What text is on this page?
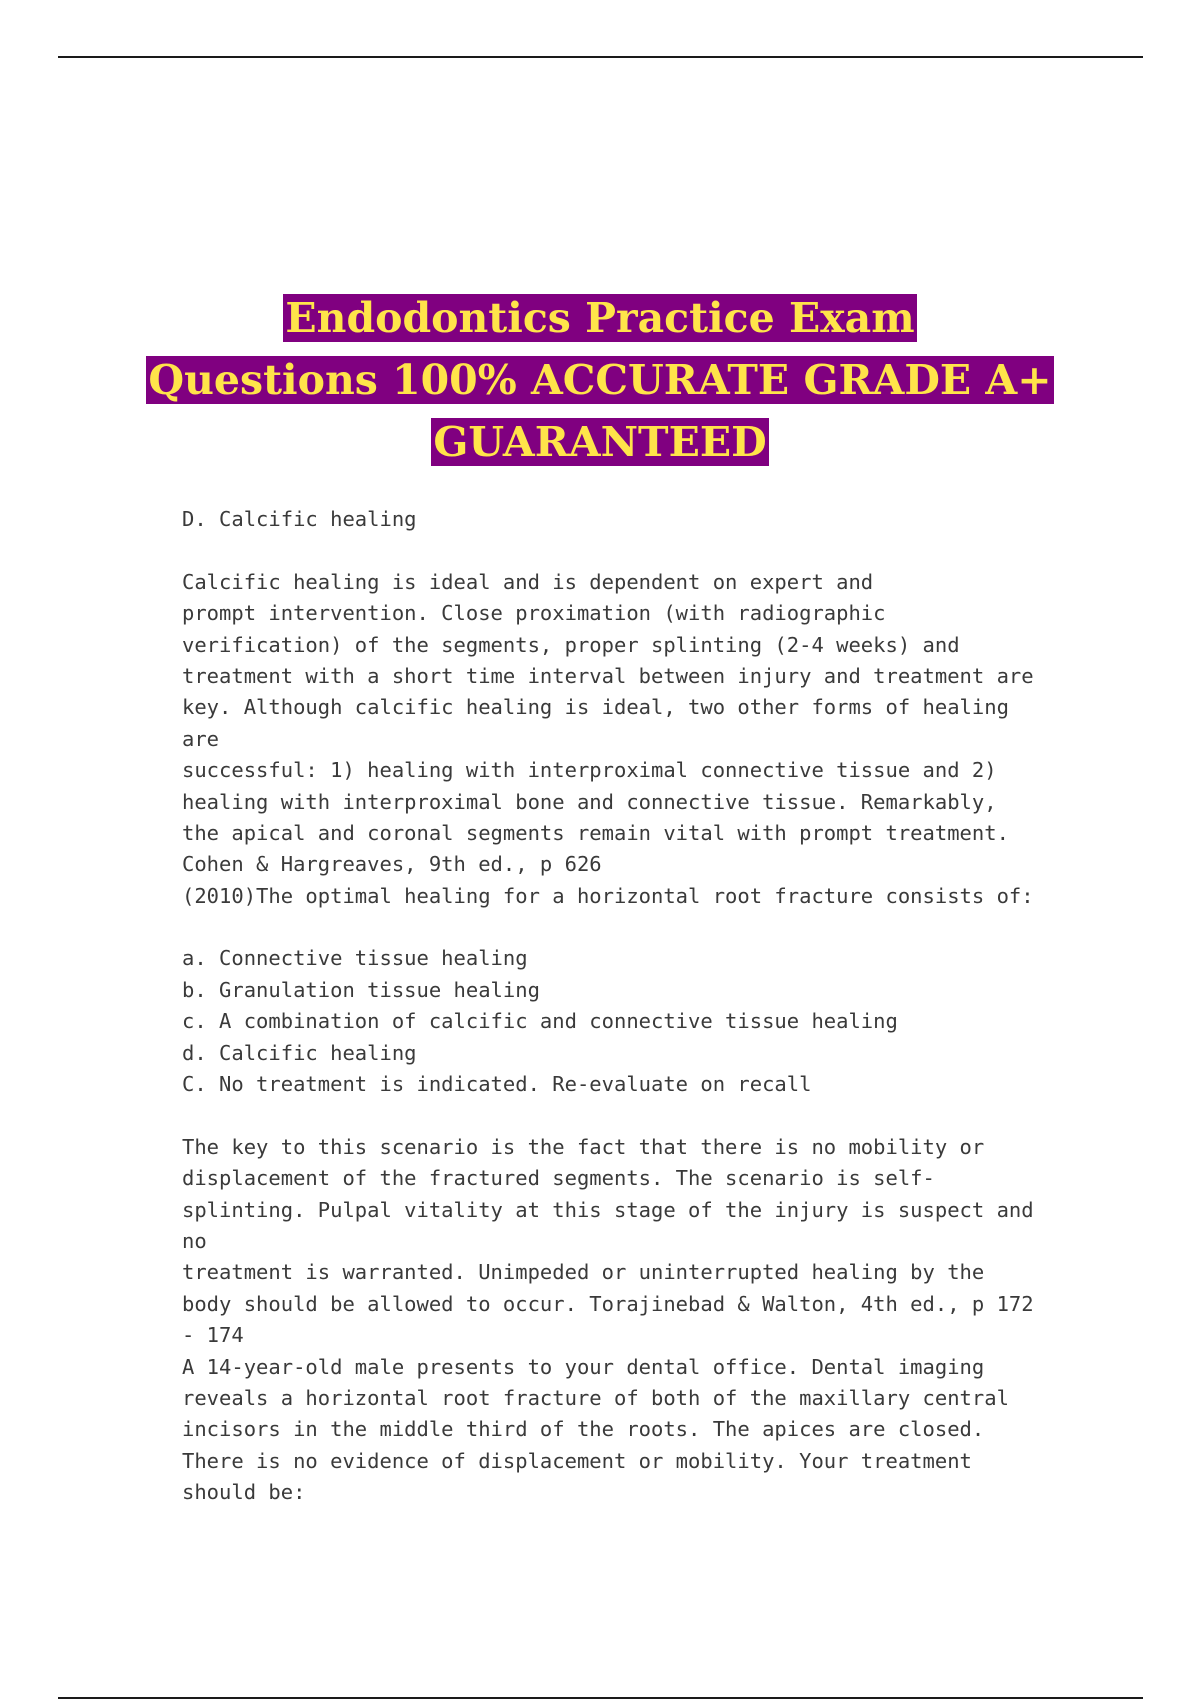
Endodontics Practice Exam
Questions 100% ACCURATE GRADE A+
GUARANTEED
D. Calcific healing
Calcific healing is ideal and is dependent on expert and
prompt intervention. Close proximation (with radiographic
verification) of the segments, proper splinting (2-4 weeks) and
treatment with a short time interval between injury and treatment are
key. Although calcific healing is ideal, two other forms of healing
are
successful: 1) healing with interproximal connective tissue and 2)
healing with interproximal bone and connective tissue. Remarkably,
the apical and coronal segments remain vital with prompt treatment.
Cohen & Hargreaves, 9th ed., p 626
(2010)The optimal healing for a horizontal root fracture consists of:
a. Connective tissue healing
b. Granulation tissue healing
c. A combination of calcific and connective tissue healing
d. Calcific healing
C. No treatment is indicated. Re-evaluate on recall
The key to this scenario is the fact that there is no mobility or
displacement of the fractured segments. The scenario is self-
splinting. Pulpal vitality at this stage of the injury is suspect and
no
treatment is warranted. Unimpeded or uninterrupted healing by the
body should be allowed to occur. Torajinebad & Walton, 4th ed., p 172
- 174
A 14-year-old male presents to your dental office. Dental imaging
reveals a horizontal root fracture of both of the maxillary central
incisors in the middle third of the roots. The apices are closed.
There is no evidence of displacement or mobility. Your treatment
should be:
